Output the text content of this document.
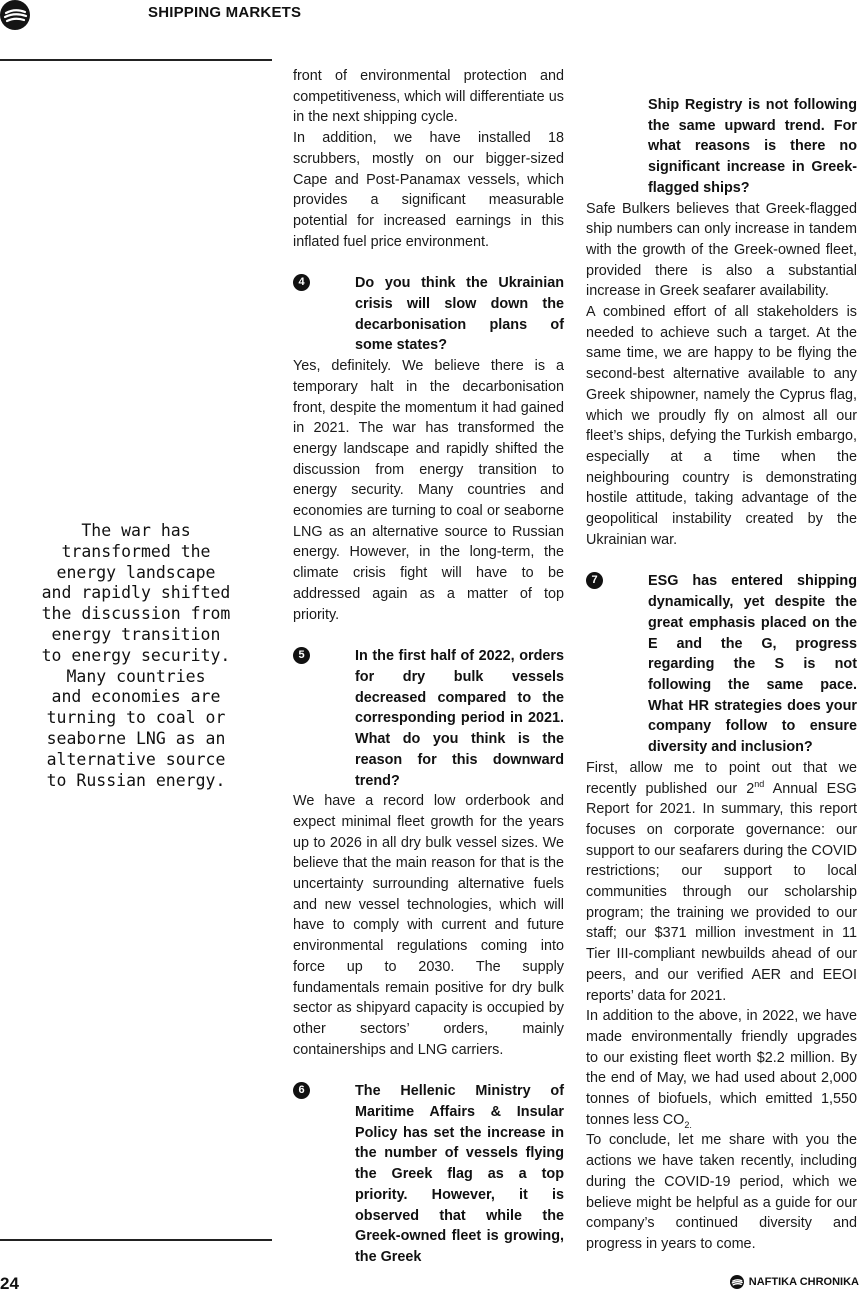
SHIPPING MARKETS
The war has
transformed the
energy landscape
and rapidly shifted
the discussion from
energy transition
to energy security.
Many countries
and economies are
turning to coal or
seaborne LNG as an
alternative source
to Russian energy.

front of environmental protection and competitiveness, which will differentiate us in the next shipping cycle.

In addition, we have installed 18 scrubbers, mostly on our bigger-sized Cape and Post-Panamax vessels, which provides a significant measurable potential for increased earnings in this inflated fuel price environment.

4	Do you think the Ukrainian crisis will slow down the decarbonisation plans of some states?

Yes, definitely. We believe there is a temporary halt in the decarbonisation front, despite the momentum it had gained in 2021. The war has transformed the energy landscape and rapidly shifted the discussion from energy transition to energy security. Many countries and economies are turning to coal or seaborne LNG as an alternative source to Russian energy. However, in the long-term, the climate crisis fight will have to be addressed again as a matter of top priority.

5	In the first half of 2022, orders for dry bulk vessels decreased compared to the corresponding period in 2021. What do you think is the reason for this downward trend?

We have a record low orderbook and expect minimal fleet growth for the years up to 2026 in all dry bulk vessel sizes. We believe that the main reason for that is the uncertainty surrounding alternative fuels and new vessel technologies, which will have to comply with current and future environmental regulations coming into force up to 2030. The supply fundamentals remain positive for dry bulk sector as shipyard capacity is occupied by other sectors’ orders, mainly containerships and LNG carriers.

6	The Hellenic Ministry of Maritime Affairs & Insular Policy has set the increase in the number of vessels flying the Greek flag as a top priority. However, it is observed that while the Greek-owned fleet is growing, the Greek
Ship Registry is not following the same upward trend. For what reasons is there no significant increase in Greek-flagged ships?

Safe Bulkers believes that Greek-flagged ship numbers can only increase in tandem with the growth of the Greek-owned fleet, provided there is also a substantial increase in Greek seafarer availability.

A combined effort of all stakeholders is needed to achieve such a target. At the same time, we are happy to be flying the second-best alternative available to any Greek shipowner, namely the Cyprus flag, which we proudly fly on almost all our fleet’s ships, defying the Turkish embargo, especially at a time when the neighbouring country is demonstrating hostile attitude, taking advantage of the geopolitical instability created by the Ukrainian war.

7	ESG has entered shipping dynamically, yet despite the great emphasis placed on the E and the G, progress regarding the S is not following the same pace. What HR strategies does your company follow to ensure diversity and inclusion?

First, allow me to point out that we recently published our 2nd Annual ESG Report for 2021. In summary, this report focuses on corporate governance: our support to our seafarers during the COVID restrictions; our support to local communities through our scholarship program; the training we provided to our staff; our $371 million investment in 11 Tier III-compliant newbuilds ahead of our peers, and our verified AER and EEOI reports’ data for 2021.

In addition to the above, in 2022, we have made environmentally friendly upgrades to our existing fleet worth $2.2 million. By the end of May, we had used about 2,000 tonnes of biofuels, which emitted 1,550 tonnes less $CO_{2.}$

To conclude, let me share with you the actions we have taken recently, including during the COVID-19 period, which we believe might be helpful as a guide for our company’s continued diversity and progress in years to come.

24	NAFTIKA CHRONIKA
